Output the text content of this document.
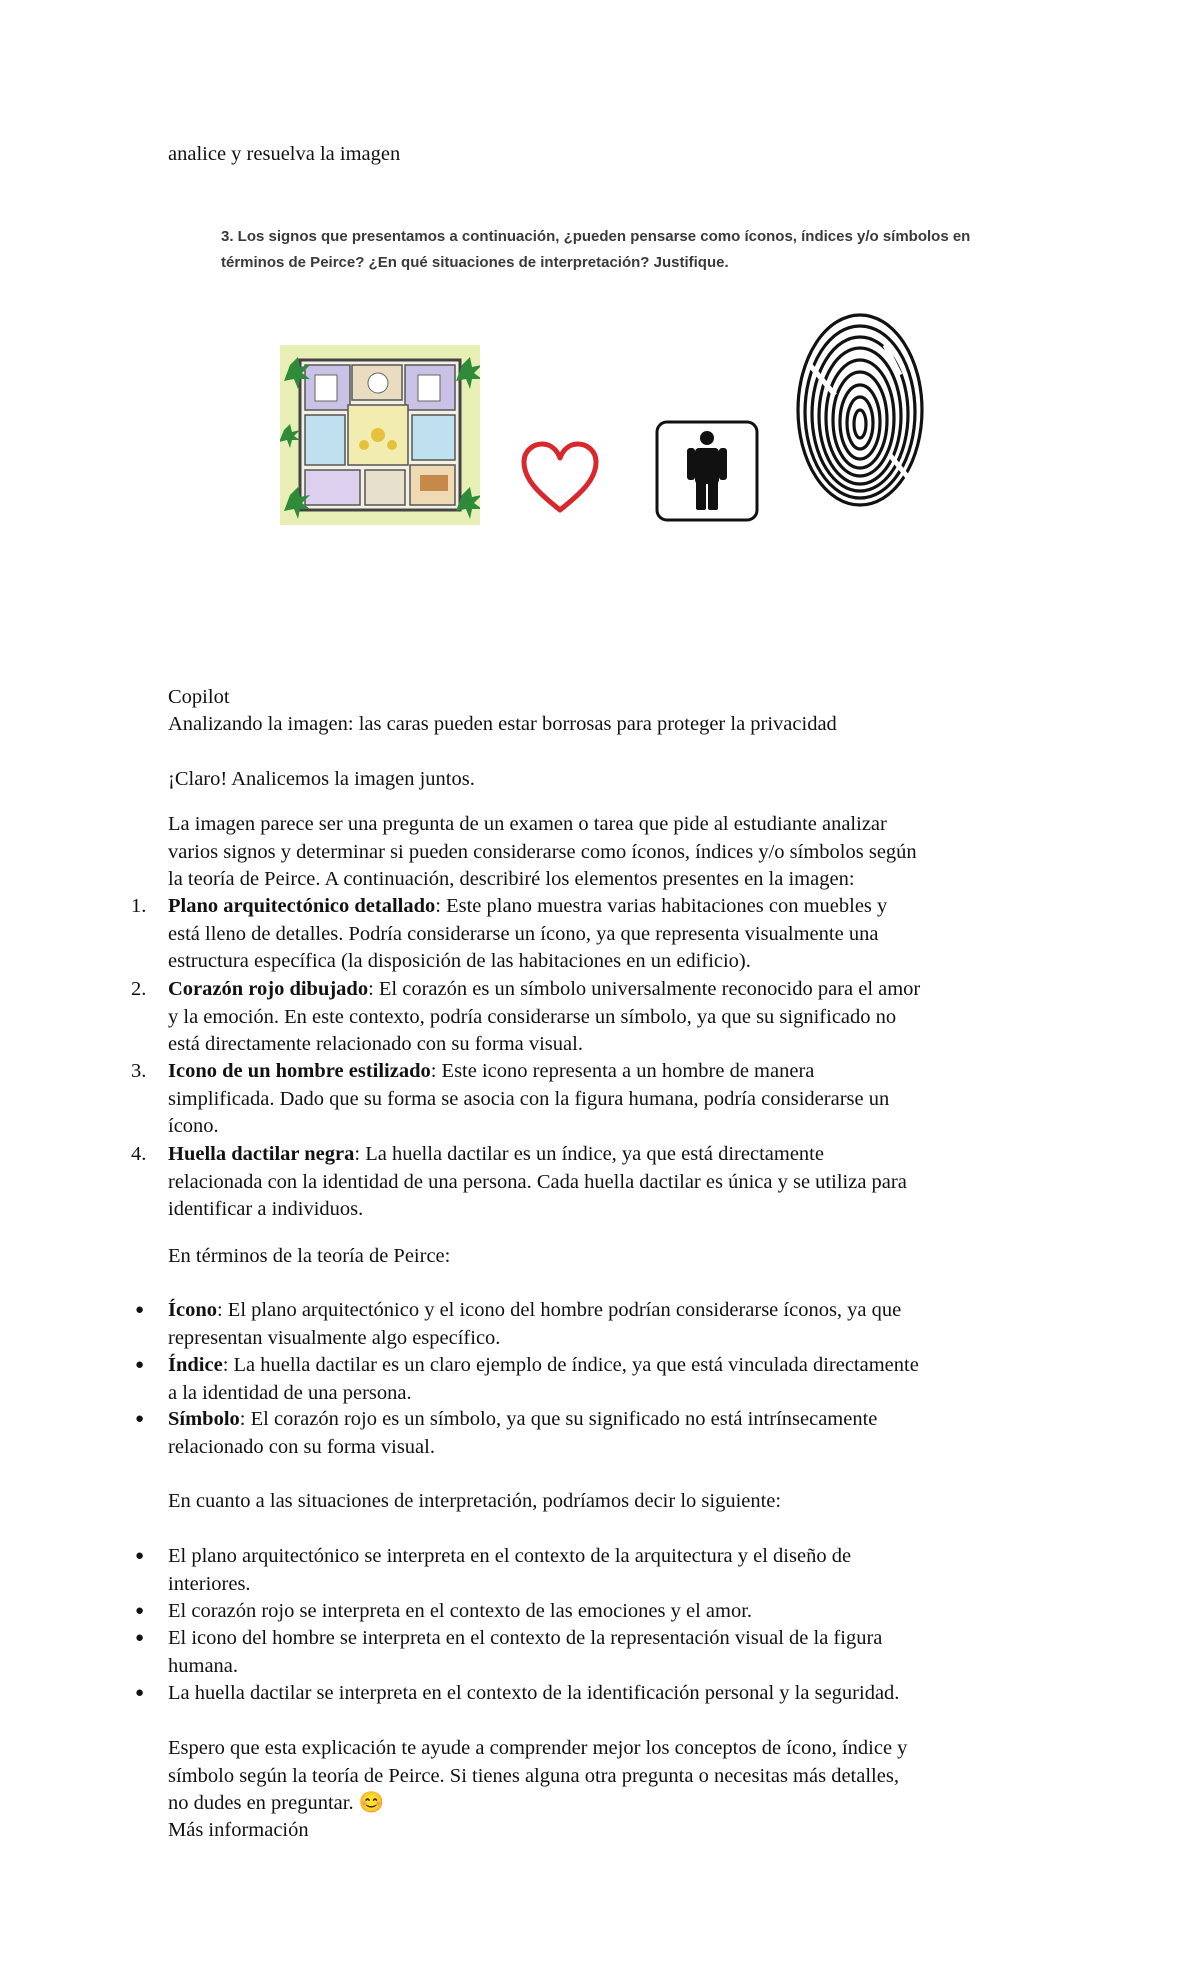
analice y resuelva la imagen
3. Los signos que presentamos a continuación, ¿pueden pensarse como íconos, índices y/o símbolos en
términos de Peirce? ¿En qué situaciones de interpretación? Justifique.
Copilot
Analizando la imagen: las caras pueden estar borrosas para proteger la privacidad
¡Claro! Analicemos la imagen juntos.
La imagen parece ser una pregunta de un examen o tarea que pide al estudiante analizar
varios signos y determinar si pueden considerarse como íconos, índices y/o símbolos según
la teoría de Peirce. A continuación, describiré los elementos presentes en la imagen:
1. Plano arquitectónico detallado: Este plano muestra varias habitaciones con muebles y
está lleno de detalles. Podría considerarse un ícono, ya que representa visualmente una
estructura específica (la disposición de las habitaciones en un edificio).
2. Corazón rojo dibujado: El corazón es un símbolo universalmente reconocido para el amor
y la emoción. En este contexto, podría considerarse un símbolo, ya que su significado no
está directamente relacionado con su forma visual.
3. Icono de un hombre estilizado: Este icono representa a un hombre de manera
simplificada. Dado que su forma se asocia con la figura humana, podría considerarse un
ícono.
4. Huella dactilar negra: La huella dactilar es un índice, ya que está directamente
relacionada con la identidad de una persona. Cada huella dactilar es única y se utiliza para
identificar a individuos.
En términos de la teoría de Peirce:
● Ícono: El plano arquitectónico y el icono del hombre podrían considerarse íconos, ya que
representan visualmente algo específico.
● Índice: La huella dactilar es un claro ejemplo de índice, ya que está vinculada directamente
a la identidad de una persona.
● Símbolo: El corazón rojo es un símbolo, ya que su significado no está intrínsecamente
relacionado con su forma visual.
En cuanto a las situaciones de interpretación, podríamos decir lo siguiente:
● El plano arquitectónico se interpreta en el contexto de la arquitectura y el diseño de
interiores.
● El corazón rojo se interpreta en el contexto de las emociones y el amor.
● El icono del hombre se interpreta en el contexto de la representación visual de la figura
humana.
● La huella dactilar se interpreta en el contexto de la identificación personal y la seguridad.
Espero que esta explicación te ayude a comprender mejor los conceptos de ícono, índice y
símbolo según la teoría de Peirce. Si tienes alguna otra pregunta o necesitas más detalles,
no dudes en preguntar. 😊
Más información
